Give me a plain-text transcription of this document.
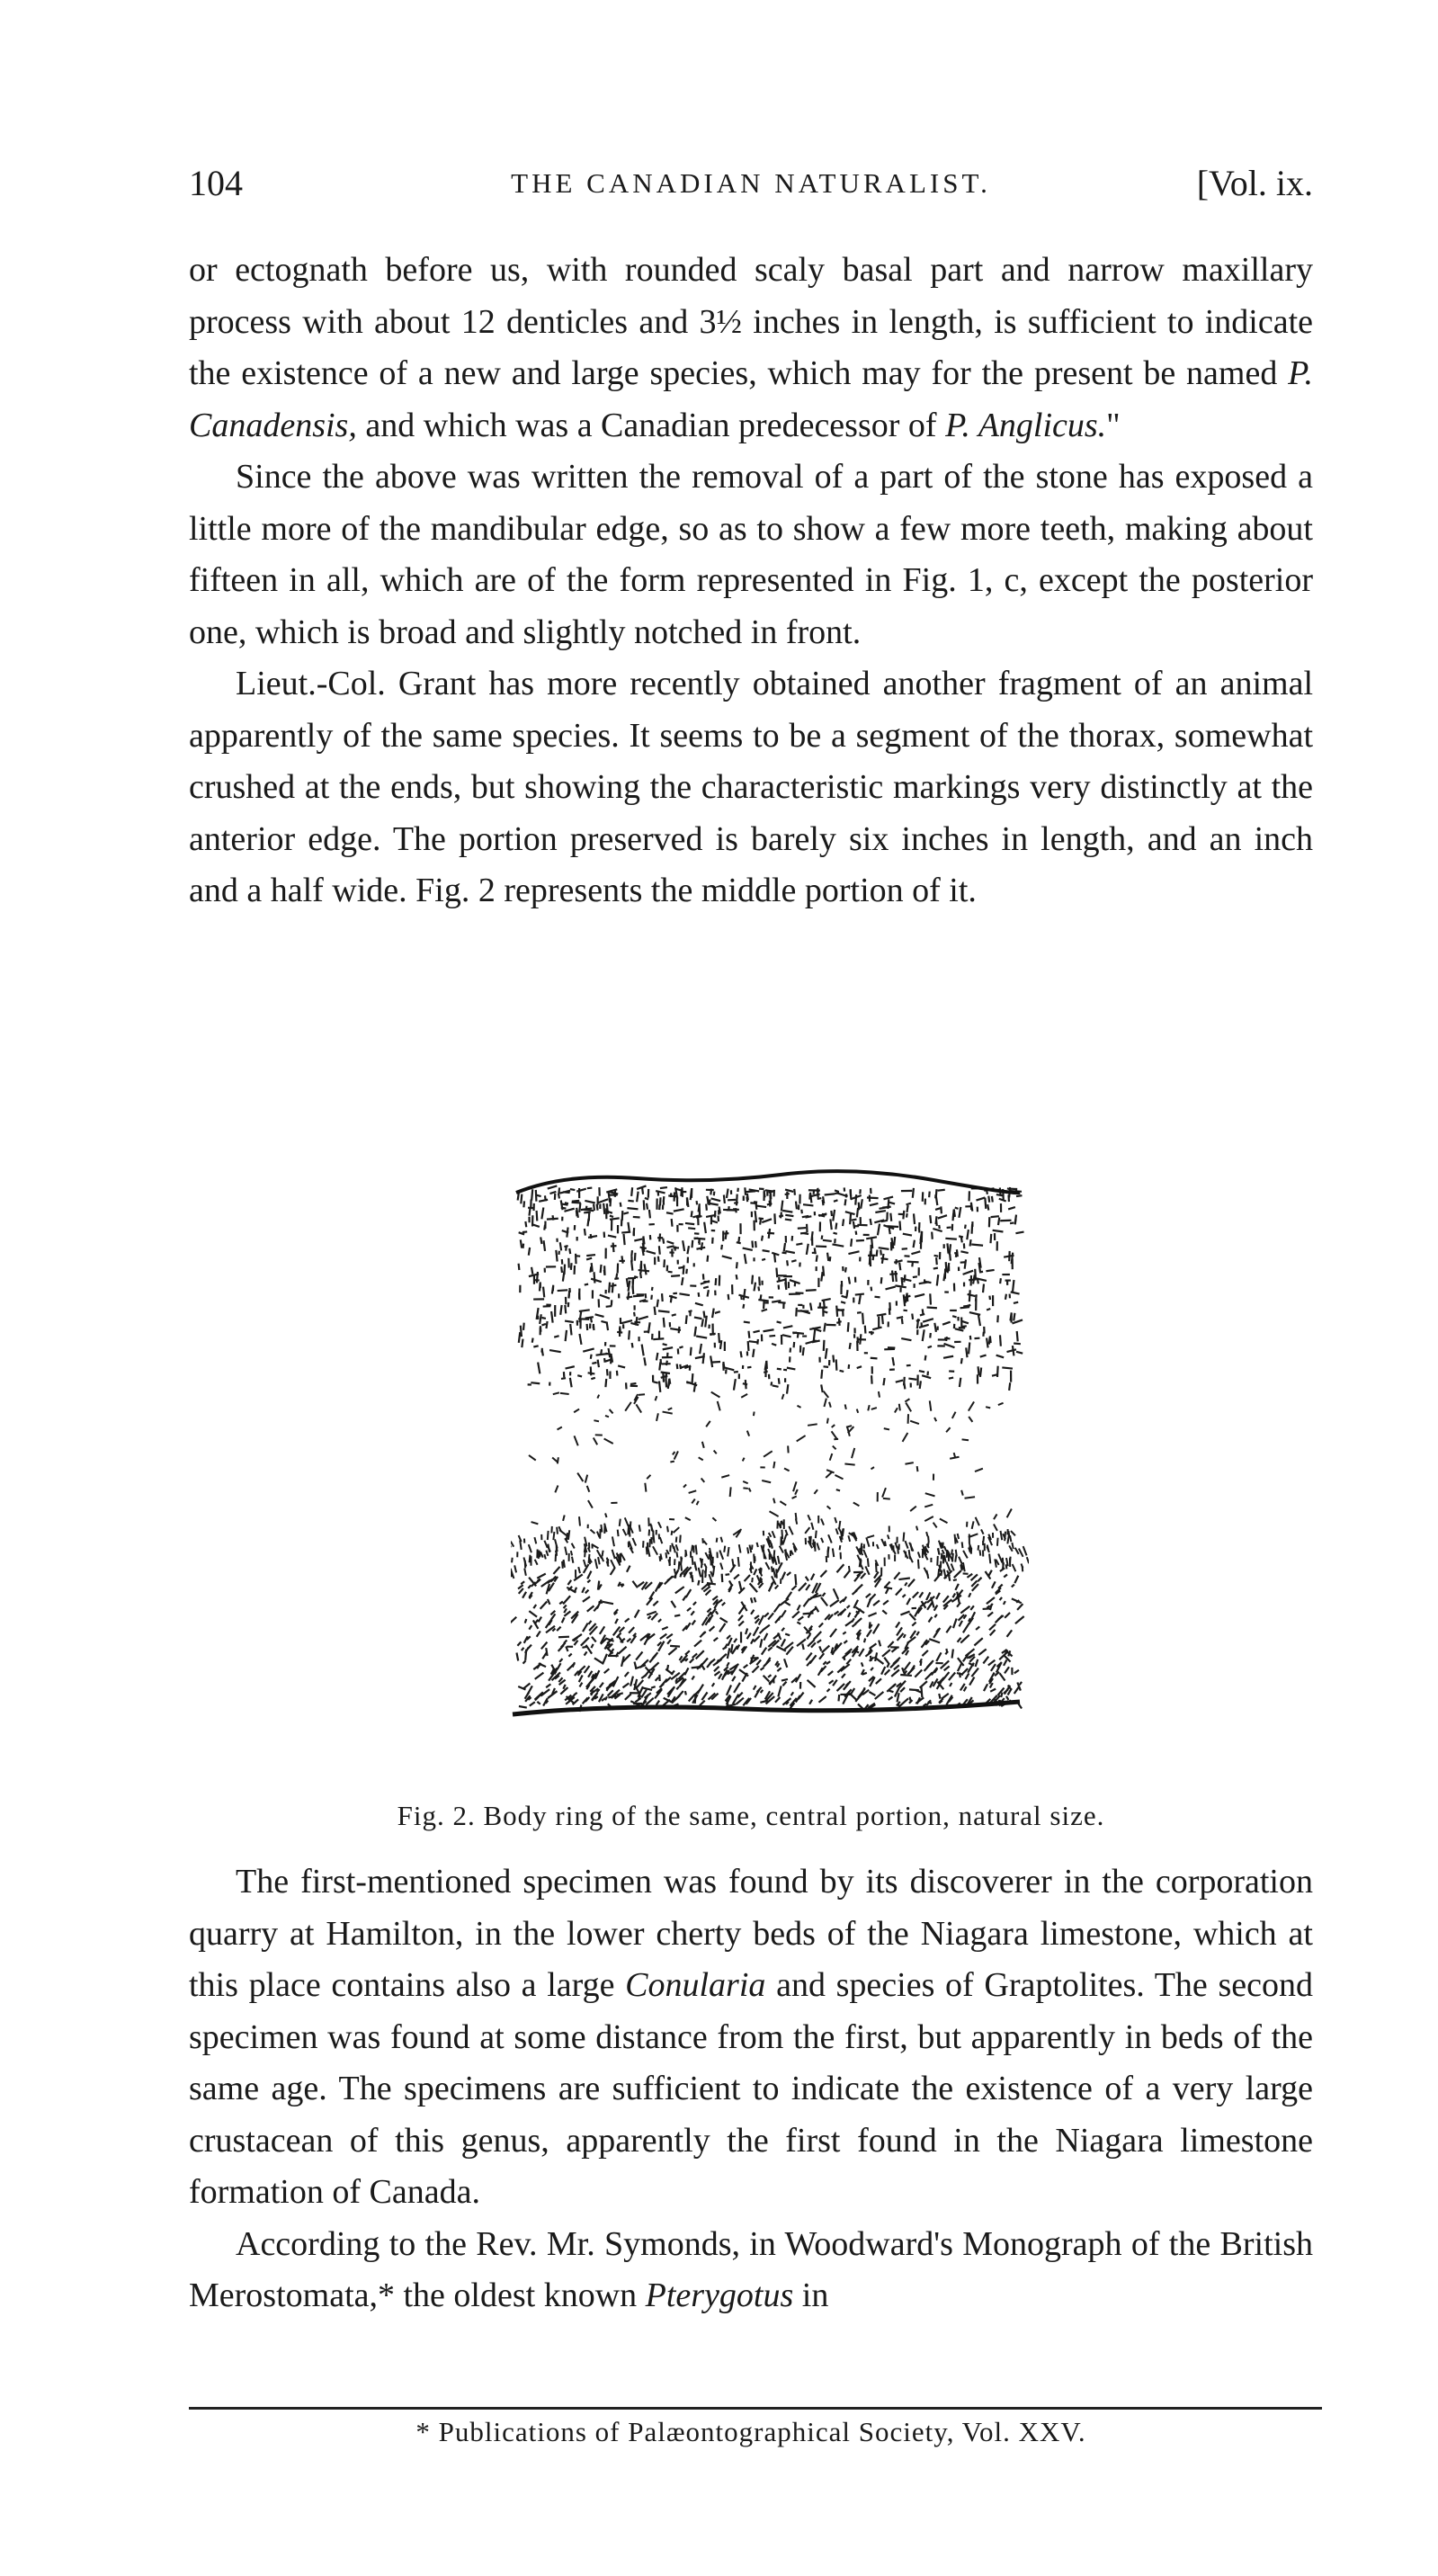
104	THE CANADIAN NATURALIST.	[Vol. ix.

or ectognath before us, with rounded scaly basal part and narrow maxillary process with about 12 denticles and 3½ inches in length, is sufficient to indicate the existence of a new and large species, which may for the present be named P. Canadensis, and which was a Canadian predecessor of P. Anglicus."

Since the above was written the removal of a part of the stone has exposed a little more of the mandibular edge, so as to show a few more teeth, making about fifteen in all, which are of the form represented in Fig. 1, c, except the posterior one, which is broad and slightly notched in front.

Lieut.-Col. Grant has more recently obtained another fragment of an animal apparently of the same species. It seems to be a segment of the thorax, somewhat crushed at the ends, but showing the characteristic markings very distinctly at the anterior edge. The portion preserved is barely six inches in length, and an inch and a half wide. Fig. 2 represents the middle portion of it.

Fig. 2. Body ring of the same, central portion, natural size.

The first-mentioned specimen was found by its discoverer in the corporation quarry at Hamilton, in the lower cherty beds of the Niagara limestone, which at this place contains also a large Conularia and species of Graptolites. The second specimen was found at some distance from the first, but apparently in beds of the same age. The specimens are sufficient to indicate the existence of a very large crustacean of this genus, apparently the first found in the Niagara limestone formation of Canada.

According to the Rev. Mr. Symonds, in Woodward's Monograph of the British Merostomata,* the oldest known Pterygotus in

* Publications of Palæontographical Society, Vol. XXV.
